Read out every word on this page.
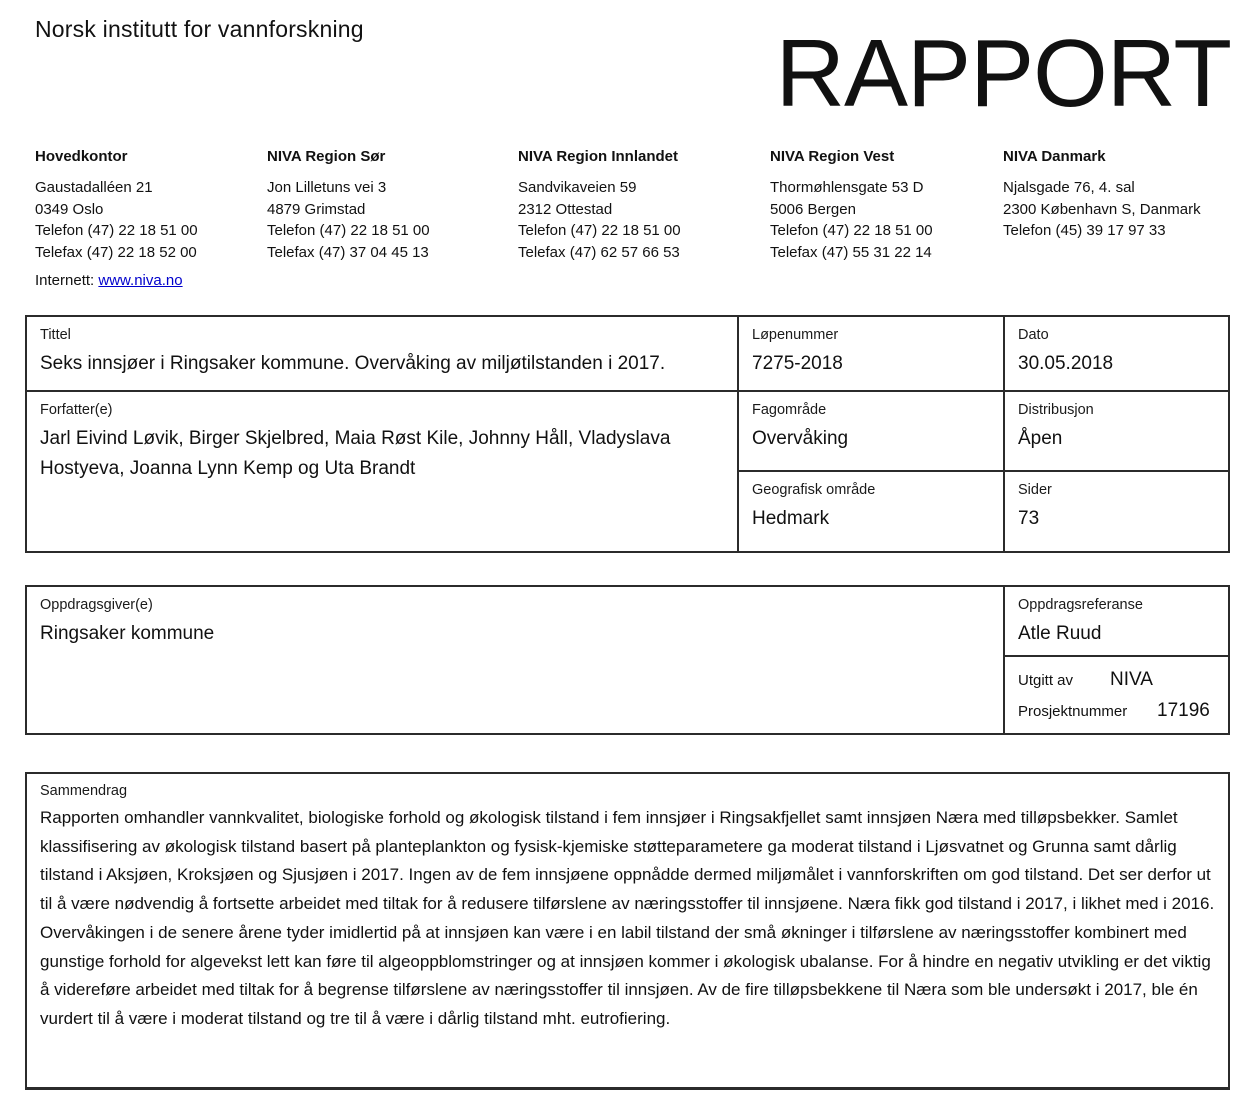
Norsk institutt for vannforskning	RAPPORT
Hovedkontor
Gaustadalléen 21
0349 Oslo
Telefon (47) 22 18 51 00
Telefax (47) 22 18 52 00
NIVA Region Sør
Jon Lilletuns vei 3
4879 Grimstad
Telefon (47) 22 18 51 00
Telefax (47) 37 04 45 13
NIVA Region Innlandet
Sandvikaveien 59
2312 Ottestad
Telefon (47) 22 18 51 00
Telefax (47) 62 57 66 53
NIVA Region Vest
Thormøhlensgate 53 D
5006 Bergen
Telefon (47) 22 18 51 00
Telefax (47) 55 31 22 14
NIVA Danmark
Njalsgade 76, 4. sal
2300 København S, Danmark
Telefon (45) 39 17 97 33
Internett: www.niva.no
Tittel
Seks innsjøer i Ringsaker kommune. Overvåking av miljøtilstanden i 2017.
Løpenummer
7275-2018
Dato
30.05.2018
Forfatter(e)
Jarl Eivind Løvik, Birger Skjelbred, Maia Røst Kile, Johnny Håll, Vladyslava Hostyeva, Joanna Lynn Kemp og Uta Brandt
Fagområde
Overvåking
Distribusjon
Åpen
Geografisk område
Hedmark
Sider
73
Oppdragsgiver(e)
Ringsaker kommune
Oppdragsreferanse
Atle Ruud
Utgitt av	NIVA
Prosjektnummer	17196
Sammendrag
Rapporten omhandler vannkvalitet, biologiske forhold og økologisk tilstand i fem innsjøer i Ringsakfjellet samt innsjøen Næra med tilløpsbekker. Samlet klassifisering av økologisk tilstand basert på planteplankton og fysisk-kjemiske støtteparametere ga moderat tilstand i Ljøsvatnet og Grunna samt dårlig tilstand i Aksjøen, Kroksjøen og Sjusjøen i 2017. Ingen av de fem innsjøene oppnådde dermed miljømålet i vannforskriften om god tilstand. Det ser derfor ut til å være nødvendig å fortsette arbeidet med tiltak for å redusere tilførslene av næringsstoffer til innsjøene. Næra fikk god tilstand i 2017, i likhet med i 2016. Overvåkingen i de senere årene tyder imidlertid på at innsjøen kan være i en labil tilstand der små økninger i tilførslene av næringsstoffer kombinert med gunstige forhold for algevekst lett kan føre til algeoppblomstringer og at innsjøen kommer i økologisk ubalanse. For å hindre en negativ utvikling er det viktig å videreføre arbeidet med tiltak for å begrense tilførslene av næringsstoffer til innsjøen. Av de fire tilløpsbekkene til Næra som ble undersøkt i 2017, ble én vurdert til å være i moderat tilstand og tre til å være i dårlig tilstand mht. eutrofiering.
